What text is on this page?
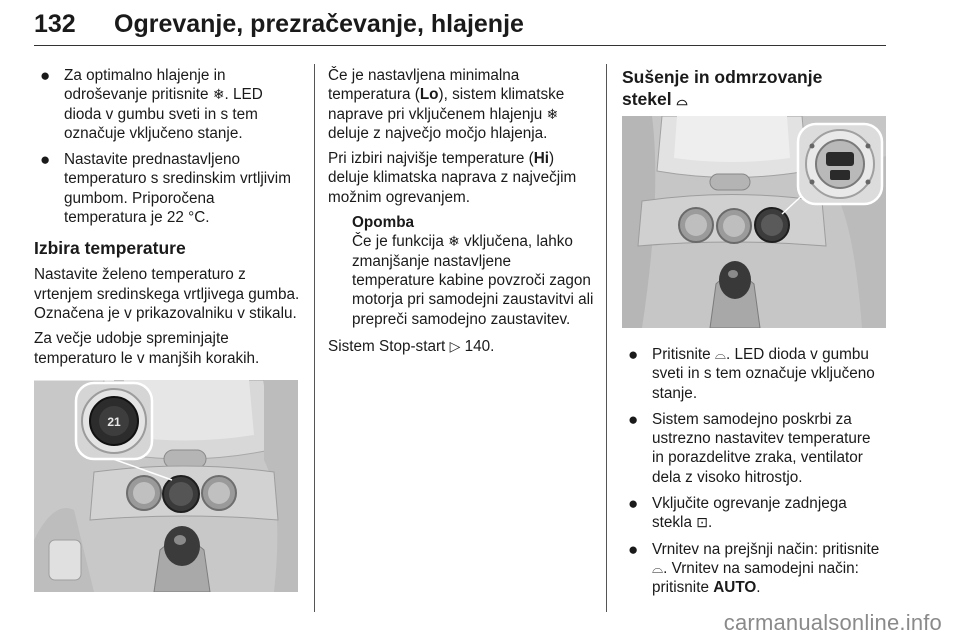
132 Ogrevanje, prezračevanje, hlajenje
● Za optimalno hlajenje in odroševanje pritisnite ❄. LED dioda v gumbu sveti in s tem označuje vključeno stanje.
● Nastavite prednastavljeno temperaturo s sredinskim vrtljivim gumbom. Priporočena temperatura je 22 °C.
Izbira temperature

Nastavite želeno temperaturo z vrtenjem sredinskega vrtljivega gumba. Označena je v prikazovalniku v stikalu.

Za večje udobje spreminjajte temperaturo le v manjših korakih.

21

Če je nastavljena minimalna temperatura (Lo), sistem klimatske naprave pri vključenem hlajenju ❄ deluje z največjo močjo hlajenja.

Pri izbiri najvišje temperature (Hi) deluje klimatska naprava z največjim možnim ogrevanjem.

Opomba
Če je funkcija ❄ vključena, lahko zmanjšanje nastavljene temperature kabine povzroči zagon motorja pri samodejni zaustavitvi ali prepreči samodejno zaustavitev.

Sistem Stop-start ▷ 140.

Sušenje in odmrzovanje
stekel ⌓
● Pritisnite ⌓. LED dioda v gumbu sveti in s tem označuje vključeno stanje.
● Sistem samodejno poskrbi za ustrezno nastavitev temperature in porazdelitve zraka, ventilator dela z visoko hitrostjo.
● Vključite ogrevanje zadnjega stekla ⊡.
● Vrnitev na prejšnji način: pritisnite ⌓. Vrnitev na samodejni način: pritisnite AUTO.
carmanualsonline.info
